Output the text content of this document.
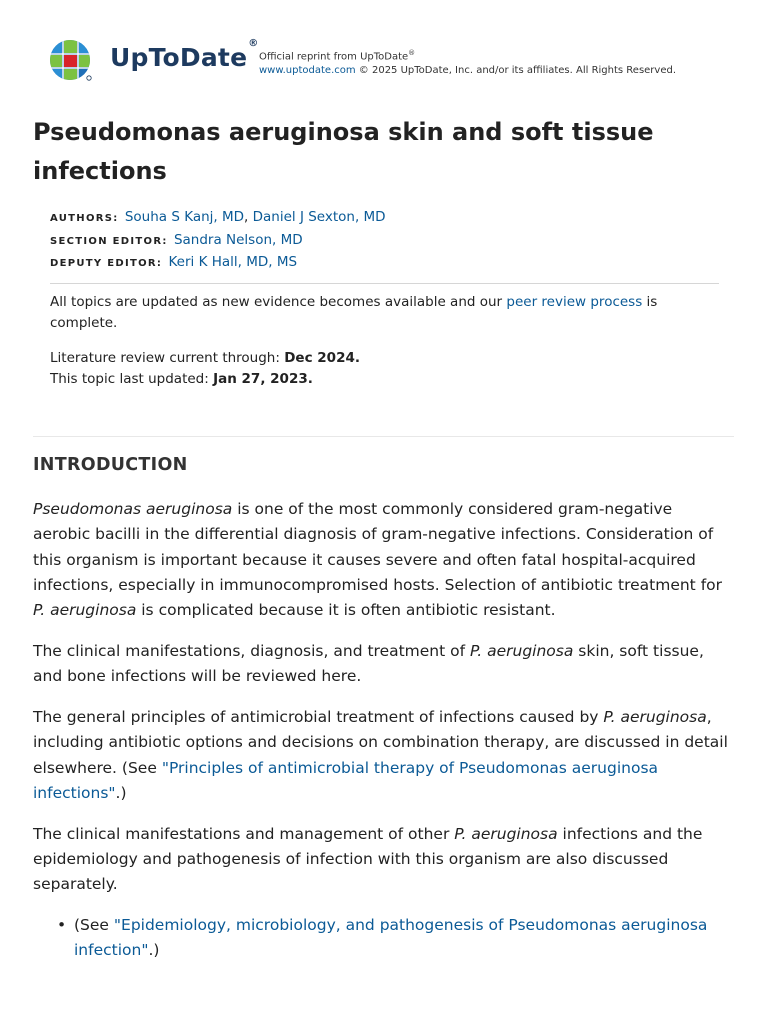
UpToDate®
Official reprint from UpToDate®
www.uptodate.com © 2025 UpToDate, Inc. and/or its affiliates. All Rights Reserved.
Pseudomonas aeruginosa skin and soft tissue infections
AUTHORS: Souha S Kanj, MD, Daniel J Sexton, MD
SECTION EDITOR: Sandra Nelson, MD
DEPUTY EDITOR: Keri K Hall, MD, MS

All topics are updated as new evidence becomes available and our peer review process is complete.

Literature review current through: Dec 2024.
This topic last updated: Jan 27, 2023.

INTRODUCTION

Pseudomonas aeruginosa is one of the most commonly considered gram-negative aerobic bacilli in the differential diagnosis of gram-negative infections. Consideration of this organism is important because it causes severe and often fatal hospital-acquired infections, especially in immunocompromised hosts. Selection of antibiotic treatment for P. aeruginosa is complicated because it is often antibiotic resistant.

The clinical manifestations, diagnosis, and treatment of P. aeruginosa skin, soft tissue, and bone infections will be reviewed here.

The general principles of antimicrobial treatment of infections caused by P. aeruginosa, including antibiotic options and decisions on combination therapy, are discussed in detail elsewhere. (See "Principles of antimicrobial therapy of Pseudomonas aeruginosa infections".)

The clinical manifestations and management of other P. aeruginosa infections and the epidemiology and pathogenesis of infection with this organism are also discussed separately.

• (See "Epidemiology, microbiology, and pathogenesis of Pseudomonas aeruginosa infection".)
